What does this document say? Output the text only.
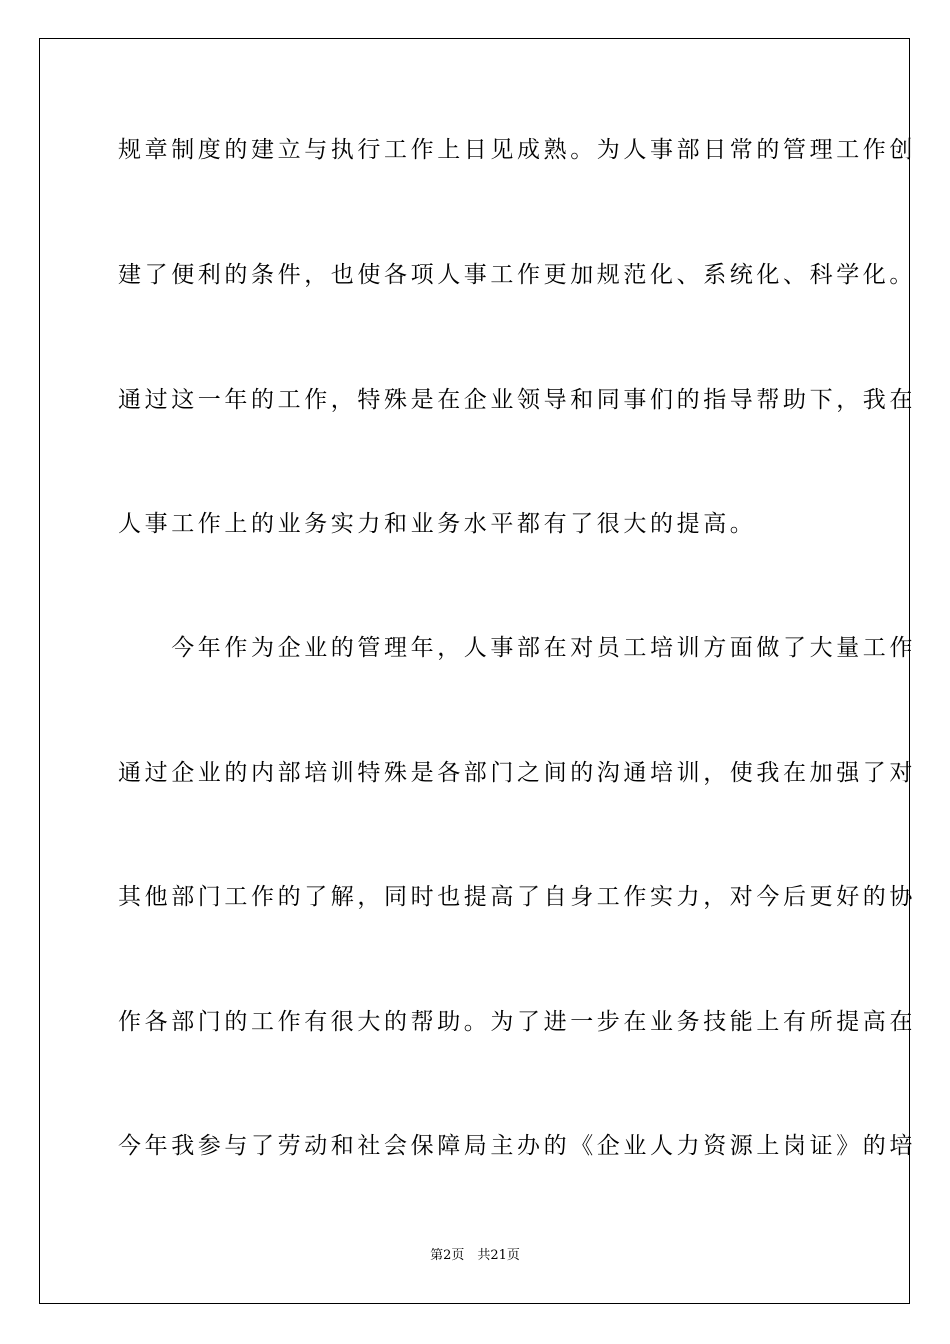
规章制度的建立与执行工作上日见成熟。为人事部日常的管理工作创
建了便利的条件，也使各项人事工作更加规范化、系统化、科学化。
通过这一年的工作，特殊是在企业领导和同事们的指导帮助下，我在
人事工作上的业务实力和业务水平都有了很大的提高。
　　今年作为企业的管理年，人事部在对员工培训方面做了大量工作
通过企业的内部培训特殊是各部门之间的沟通培训，使我在加强了对
其他部门工作的了解，同时也提高了自身工作实力，对今后更好的协
作各部门的工作有很大的帮助。为了进一步在业务技能上有所提高在
今年我参与了劳动和社会保障局主办的《企业人力资源上岗证》的培
第2页　共21页
